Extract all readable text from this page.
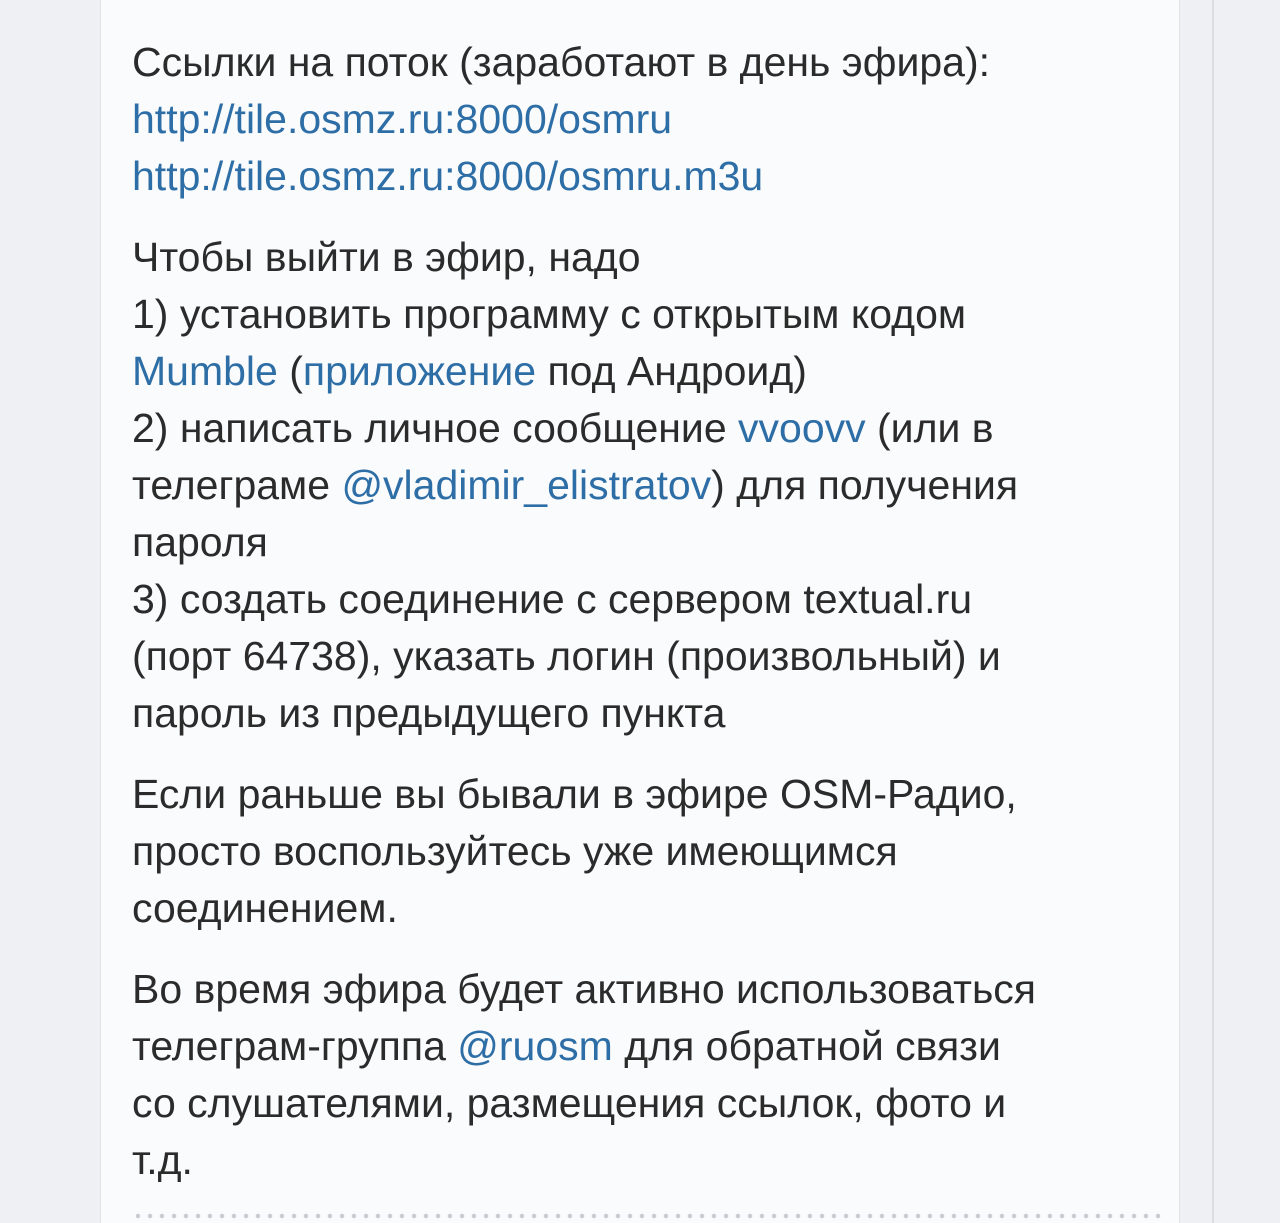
Ссылки на поток (заработают в день эфира):
http://tile.osmz.ru:8000/osmru
http://tile.osmz.ru:8000/osmru.m3u
Чтобы выйти в эфир, надо
1) установить программу с открытым кодом
Mumble (приложение под Андроид)
2) написать личное сообщение vvoovv (или в
телеграме @vladimir_elistratov) для получения
пароля
3) создать соединение с сервером textual.ru
(порт 64738), указать логин (произвольный) и
пароль из предыдущего пункта
Если раньше вы бывали в эфире OSM-Радио,
просто воспользуйтесь уже имеющимся
соединением.
Во время эфира будет активно использоваться
телеграм-группа @ruosm для обратной связи
со слушателями, размещения ссылок, фото и
т.д.
